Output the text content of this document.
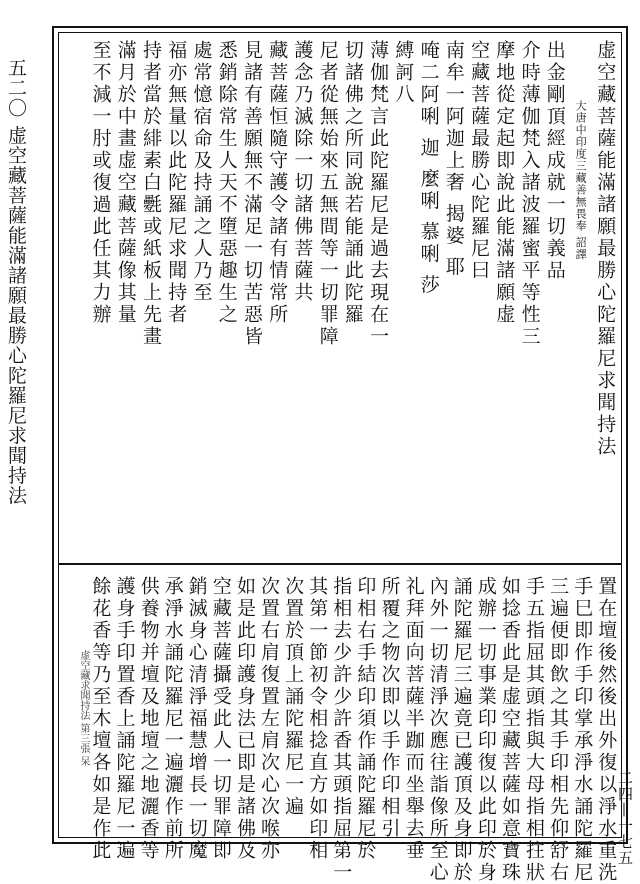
五二〇 虚空藏菩薩能滿諸願最勝心陀羅尼求聞持法
二四—一七五
虚空藏菩薩能滿諸願最勝心陀羅尼求聞持法
大唐中印度三藏善無畏奉 詔譯
出金剛頂經成就一切義品
介時薄伽梵入諸波羅蜜平等性三
摩地從定起即說此能滿諸願虚
空藏菩薩最勝心陀羅尼曰
南牟一阿迦上奢 揭婆 耶
唵二阿唎 迦 麼唎 慕唎 莎
縛訶八
薄伽梵言此陀羅尼是過去現在一
切諸佛之所同說若能誦此陀羅
尼者從無始來五無間等一切罪障
護念乃滅除一切諸佛菩薩共
藏菩薩恒隨守護令諸有情常所
見諸有善願無不滿足一切苦惡皆
悉銷除常生人天不墮惡趣生之
處常憶宿命及持誦之人乃至
福亦無量以此陀羅尼求聞持者
持者當於緋素白氎或紙板上先畫
滿月於中畫虚空藏菩薩像其量
至不減一肘或復過此任其力辦
置在壇後然後出外復以淨水重洗
手巳即作手印掌承淨水誦陀羅尼
三遍便即飲之其手印相先仰舒右
手五指屈其頭指與大母指相拄狀
如捻香此是虚空藏菩薩如意寶珠
成辦一切事業印印復以此印於身
誦陀羅尼三遍竟已護頂及身即於
內外一切清淨次應往詣像所至心
礼拜面向菩薩半跏而坐舉去垂
所覆之物次即以手作印相引
印相右手結印須作誦陀羅尼於
指相去少許少許香其頭指屈第一
其第一節初令相捻直方如印相
次置於頂上誦陀羅尼一遍
次置右肩復置左肩次心次喉亦
如是此印護身法已即是諸佛及
空藏菩薩攝受此人一切罪障即
銷滅身心清淨福慧增長一切魔
承淨水誦陀羅尼一遍灑作前所
供養物并壇及地壇之地灑香等
護身手印置香上誦陀羅尼一遍
餘花香等乃至木壇各如是作此
虚空藏求聞持法 第三張 呆
